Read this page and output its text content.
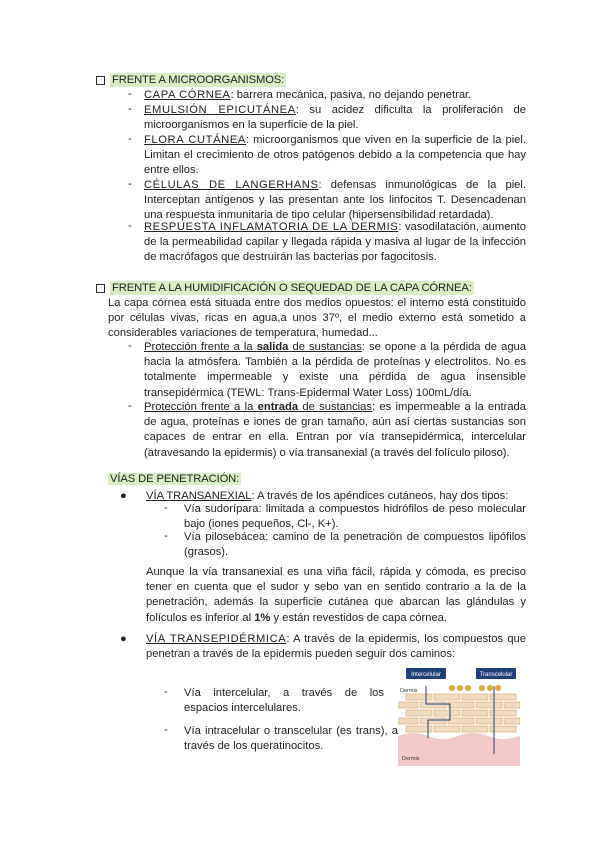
FRENTE A MICROORGANISMOS:
- CAPA CÓRNEA: barrera mecánica, pasiva, no dejando penetrar.
- EMULSIÓN EPICUTÁNEA: su acidez dificulta la proliferación de microorganismos en la superficie de la piel.
- FLORA CUTÁNEA: microorganismos que viven en la superficie de la piel. Limitan el crecimiento de otros patógenos debido a la competencia que hay entre ellos.
- CÉLULAS DE LANGERHANS: defensas inmunológicas de la piel. Interceptan antígenos y las presentan ante los linfocitos T. Desencadenan una respuesta inmunitaria de tipo celular (hipersensibilidad retardada).
- RESPUESTA INFLAMATORIA DE LA DERMIS: vasodilatación, aumento de la permeabilidad capilar y llegada rápida y masiva al lugar de la infección de macrófagos que destruirán las bacterias por fagocitosis.
FRENTE A LA HUMIDIFICACIÓN O SEQUEDAD DE LA CAPA CÓRNEA:
La capa córnea está situada entre dos medios opuestos: el interno está constituido por células vivas, ricas en agua,a unos 37º, el medio externo está sometido a considerables variaciones de temperatura, humedad...
- Protección frente a la salida de sustancias: se opone a la pérdida de agua hacia la atmósfera. También a la pérdida de proteínas y electrolitos. No es totalmente impermeable y existe una pérdida de agua insensible transepidérmica (TEWL: Trans-Epidermal Water Loss) 100mL/día.
- Protección frente a la entrada de sustancias: es impermeable a la entrada de agua, proteínas e iones de gran tamaño, aún así ciertas sustancias son capaces de entrar en ella. Entran por vía transepidérmica, intercelular (atravesando la epidermis) o vía transanexial (a través del folículo piloso).
VÍAS DE PENETRACIÓN:
● VÍA TRANSANEXIAL: A través de los apéndices cutáneos, hay dos tipos:
- Vía sudorípara: limitada a compuestos hidrófilos de peso molecular bajo (iones pequeños, Cl-, K+).
- Vía pilosebácea: camino de la penetración de compuestos lipófilos (grasos).
Aunque la vía transanexial es una viña fácil, rápida y cómoda, es preciso tener en cuenta que el sudor y sebo van en sentido contrario a la de la penetración, además la superficie cutánea que abarcan las glándulas y folículos es inferior al 1% y están revestidos de capa córnea.
● VÍA TRANSEPIDÉRMICA: A través de la epidermis, los compuestos que penetran a través de la epidermis pueden seguir dos caminos:
- Vía intercelular, a través de los espacios intercelulares.
- Vía intracelular o transcelular (es trans), a través de los queratinocitos.
Intercelular	Transcelular
Dermis
Dermis
